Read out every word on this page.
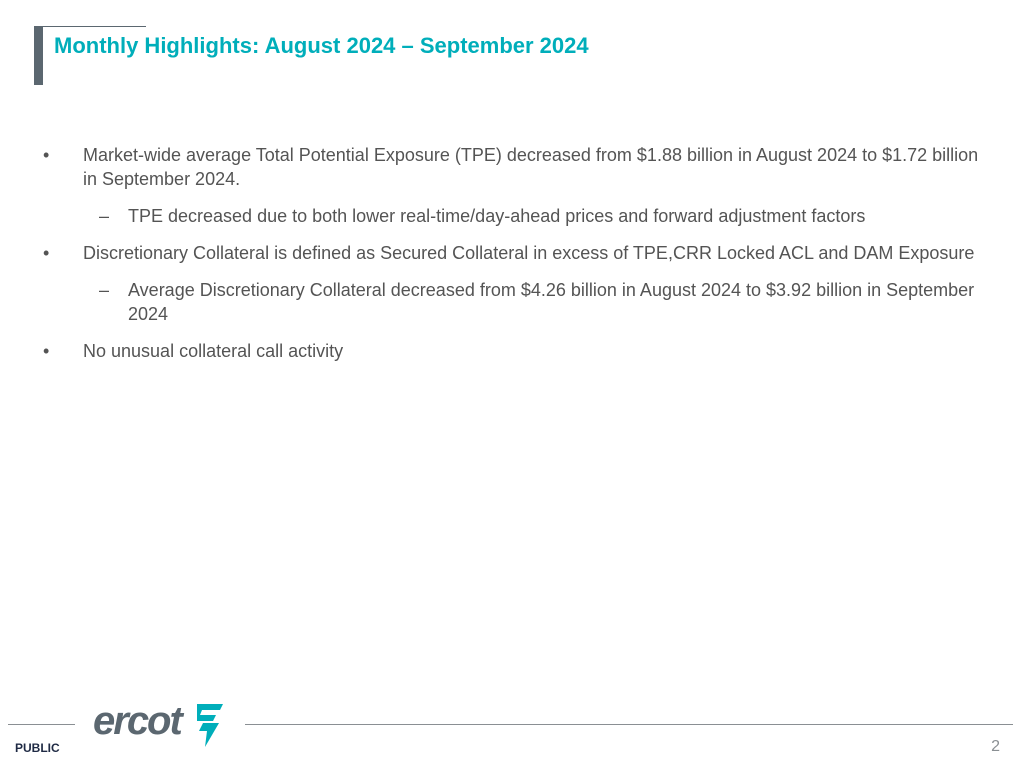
Monthly Highlights: August 2024 – September 2024
• Market-wide average Total Potential Exposure (TPE) decreased from $1.88 billion in August 2024 to $1.72 billion in September 2024.
– TPE decreased due to both lower real-time/day-ahead prices and forward adjustment factors
• Discretionary Collateral is defined as Secured Collateral in excess of TPE,CRR Locked ACL and DAM Exposure
– Average Discretionary Collateral decreased from $4.26 billion in August 2024 to $3.92 billion in September 2024
• No unusual collateral call activity
ercot
PUBLIC	2
